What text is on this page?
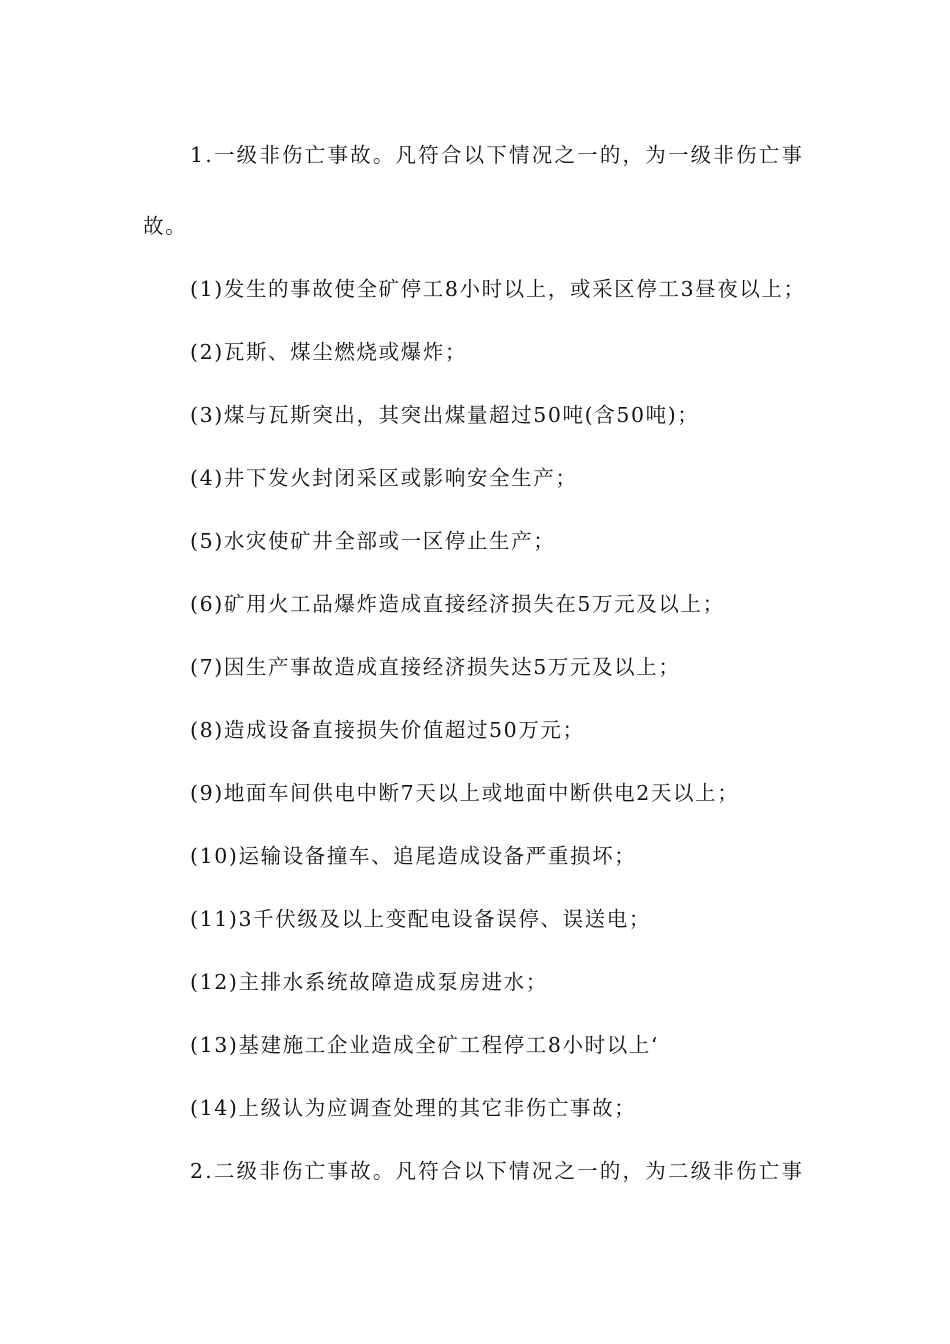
1.一级非伤亡事故。凡符合以下情况之一的，为一级非伤亡事
故。
(1)发生的事故使全矿停工8小时以上，或采区停工3昼夜以上；
(2)瓦斯、煤尘燃烧或爆炸；
(3)煤与瓦斯突出，其突出煤量超过50吨(含50吨)；
(4)井下发火封闭采区或影响安全生产；
(5)水灾使矿井全部或一区停止生产；
(6)矿用火工品爆炸造成直接经济损失在5万元及以上；
(7)因生产事故造成直接经济损失达5万元及以上；
(8)造成设备直接损失价值超过50万元；
(9)地面车间供电中断7天以上或地面中断供电2天以上；
(10)运输设备撞车、追尾造成设备严重损坏；
(11)3千伏级及以上变配电设备误停、误送电；
(12)主排水系统故障造成泵房进水；
(13)基建施工企业造成全矿工程停工8小时以上‘
(14)上级认为应调查处理的其它非伤亡事故；
2.二级非伤亡事故。凡符合以下情况之一的，为二级非伤亡事
